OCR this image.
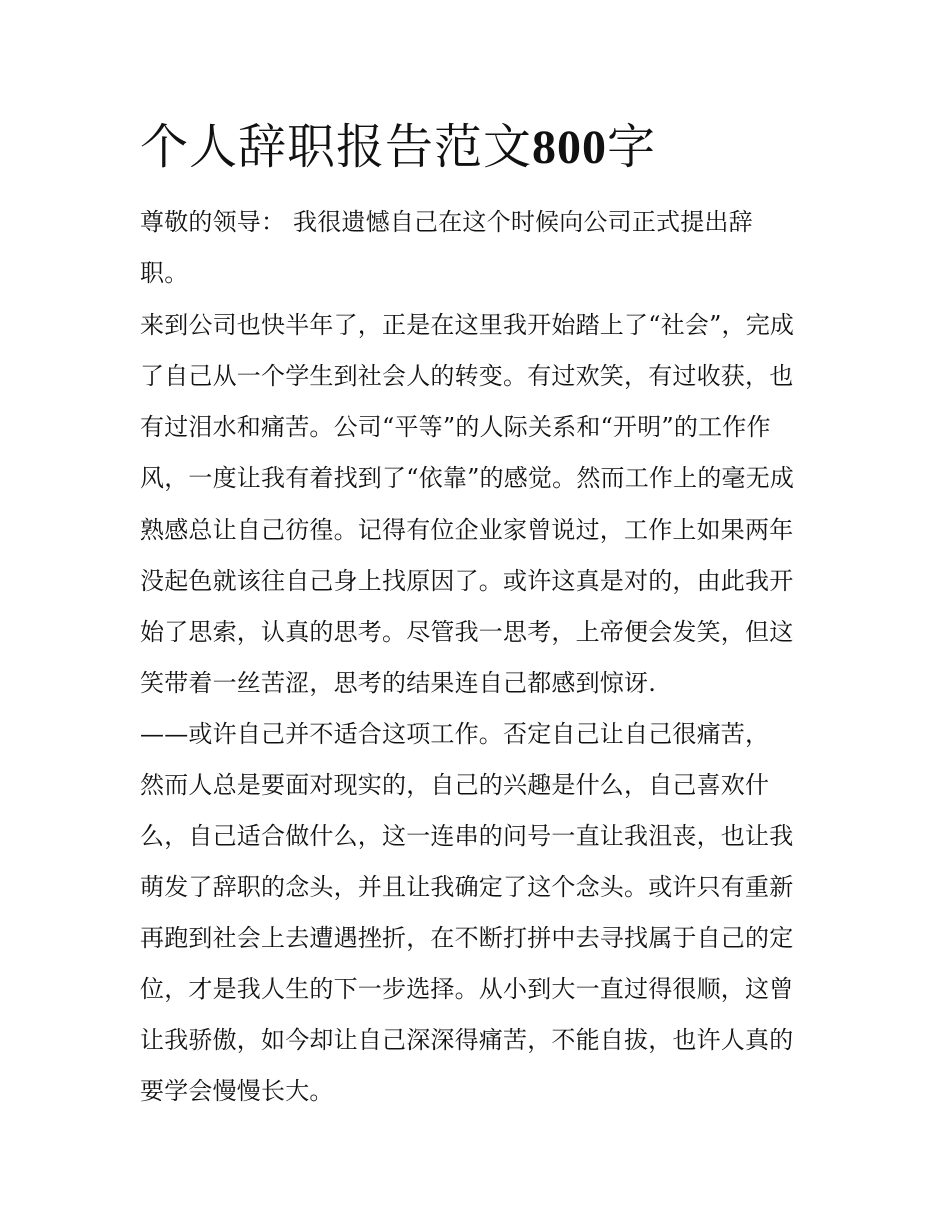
个人辞职报告范文800字

尊敬的领导： 我很遗憾自己在这个时候向公司正式提出辞

职。

来到公司也快半年了，正是在这里我开始踏上了“社会”，完成

了自己从一个学生到社会人的转变。有过欢笑，有过收获，也

有过泪水和痛苦。公司“平等”的人际关系和“开明”的工作作

风，一度让我有着找到了“依靠”的感觉。然而工作上的毫无成

熟感总让自己彷徨。记得有位企业家曾说过，工作上如果两年

没起色就该往自己身上找原因了。或许这真是对的，由此我开

始了思索，认真的思考。尽管我一思考，上帝便会发笑，但这

笑带着一丝苦涩，思考的结果连自己都感到惊讶.

——或许自己并不适合这项工作。否定自己让自己很痛苦，

然而人总是要面对现实的，自己的兴趣是什么，自己喜欢什

么，自己适合做什么，这一连串的问号一直让我沮丧，也让我

萌发了辞职的念头，并且让我确定了这个念头。或许只有重新

再跑到社会上去遭遇挫折，在不断打拼中去寻找属于自己的定

位，才是我人生的下一步选择。从小到大一直过得很顺，这曾

让我骄傲，如今却让自己深深得痛苦，不能自拔，也许人真的

要学会慢慢长大。
